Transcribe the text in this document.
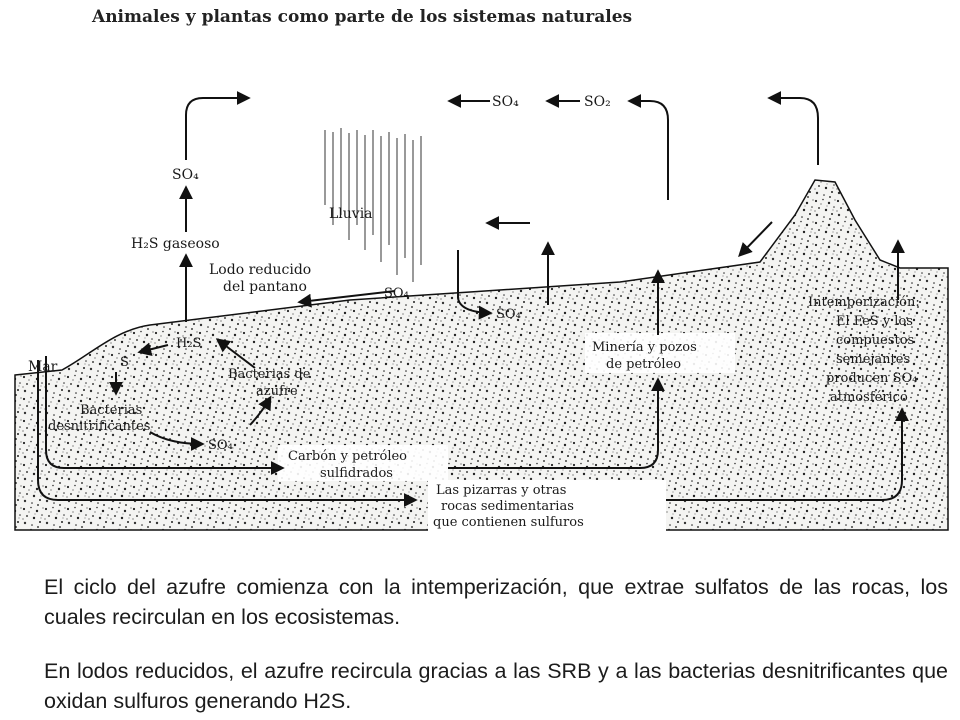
Animales y plantas como parte de los sistemas naturales
SO₄
H₂S gaseoso
SO₄	SO₂
Lluvia
Lodo reducido
del pantano	SO₄
SO₄
Mar
H₂S
S
Bacterias de
azufre
Bacterias
desnitrificantes
SO₄
Carbón y petróleo
sulfidrados
Minería y pozos
de petróleo
Las pizarras y otras
rocas sedimentarias
que contienen sulfuros
Intemperización:
El FeS y los
compuestos
semejantes
producen SO₄
atmosférico

El ciclo del azufre comienza con la intemperización, que extrae sulfatos de las rocas, los cuales recirculan en los ecosistemas.

En lodos reducidos, el azufre recircula gracias a las SRB y a las bacterias desnitrificantes que oxidan sulfuros generando H2S.
